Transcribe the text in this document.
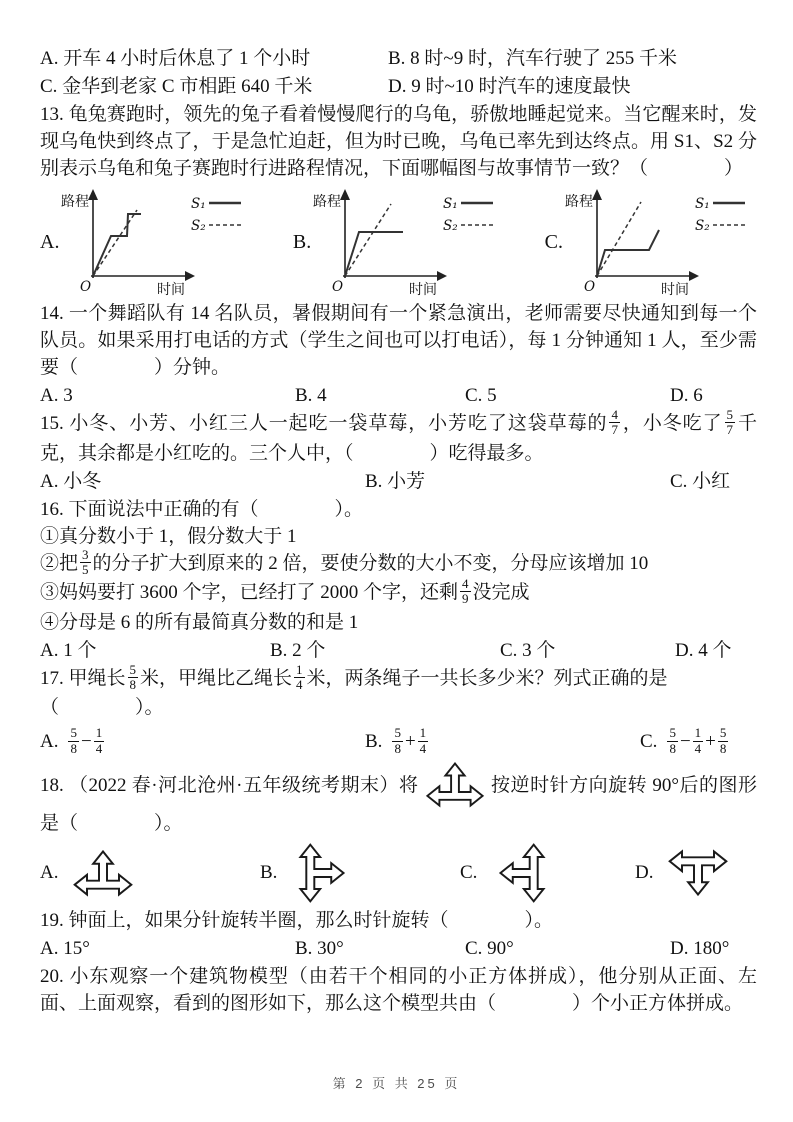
A. 开车 4 小时后休息了 1 个小时	B. 8 时~9 时，汽车行驶了 255 千米

C. 金华到老家 C 市相距 640 千米	D. 9 时~10 时汽车的速度最快

13. 龟兔赛跑时，领先的兔子看着慢慢爬行的乌龟，骄傲地睡起觉来。当它醒来时，发现乌龟快到终点了，于是急忙迫赶，但为时已晚，乌龟已率先到达终点。用 S1、S2 分别表示乌龟和兔子赛跑时行进路程情况，下面哪幅图与故事情节一致？（　　　　）

A.
路程
时间
O
S₁
S₂
B.
路程
时间
O
S₁
S₂
C.
路程
时间
O
S₁
S₂

14. 一个舞蹈队有 14 名队员，暑假期间有一个紧急演出，老师需要尽快通知到每一个队员。如果采用打电话的方式（学生之间也可以打电话），每 1 分钟通知 1 人，至少需要（　　　　）分钟。

A. 3	B. 4	C. 5	D. 6

15. 小冬、小芳、小红三人一起吃一袋草莓，小芳吃了这袋草莓的 $\frac{4}{7}$ ，小冬吃了 $\frac{5}{7}$ 千克，其余都是小红吃的。三个人中，（　　　　）吃得最多。

A. 小冬	B. 小芳	C. 小红

16. 下面说法中正确的有（　　　　）。

①真分数小于 1，假分数大于 1

②把 $\frac{3}{5}$ 的分子扩大到原来的 2 倍，要使分数的大小不变，分母应该增加 10

③妈妈要打 3600 个字，已经打了 2000 个字，还剩 $\frac{4}{9}$ 没完成

④分母是 6 的所有最简真分数的和是 1

A. 1 个	B. 2 个	C. 3 个	D. 4 个

17. 甲绳长 $\frac{5}{8}$ 米，甲绳比乙绳长 $\frac{1}{4}$ 米，两条绳子一共长多少米？列式正确的是

（　　　　）。

A. $\frac{5}{8} - \frac{1}{4}$	B. $\frac{5}{8} + \frac{1}{4}$	C. $\frac{5}{8} - \frac{1}{4} + \frac{5}{8}$

18. （2022 春·河北沧州·五年级统考期末）将	按逆时针方向旋转 90°后的图形是（　　　　）。

A.	B.	C.	D.

19. 钟面上，如果分针旋转半圈，那么时针旋转（　　　　）。

A. 15°	B. 30°	C. 90°	D. 180°

20. 小东观察一个建筑物模型（由若干个相同的小正方体拼成），他分别从正面、左面、上面观察，看到的图形如下，那么这个模型共由（　　　　）个小正方体拼成。

第 2 页 共 25 页
